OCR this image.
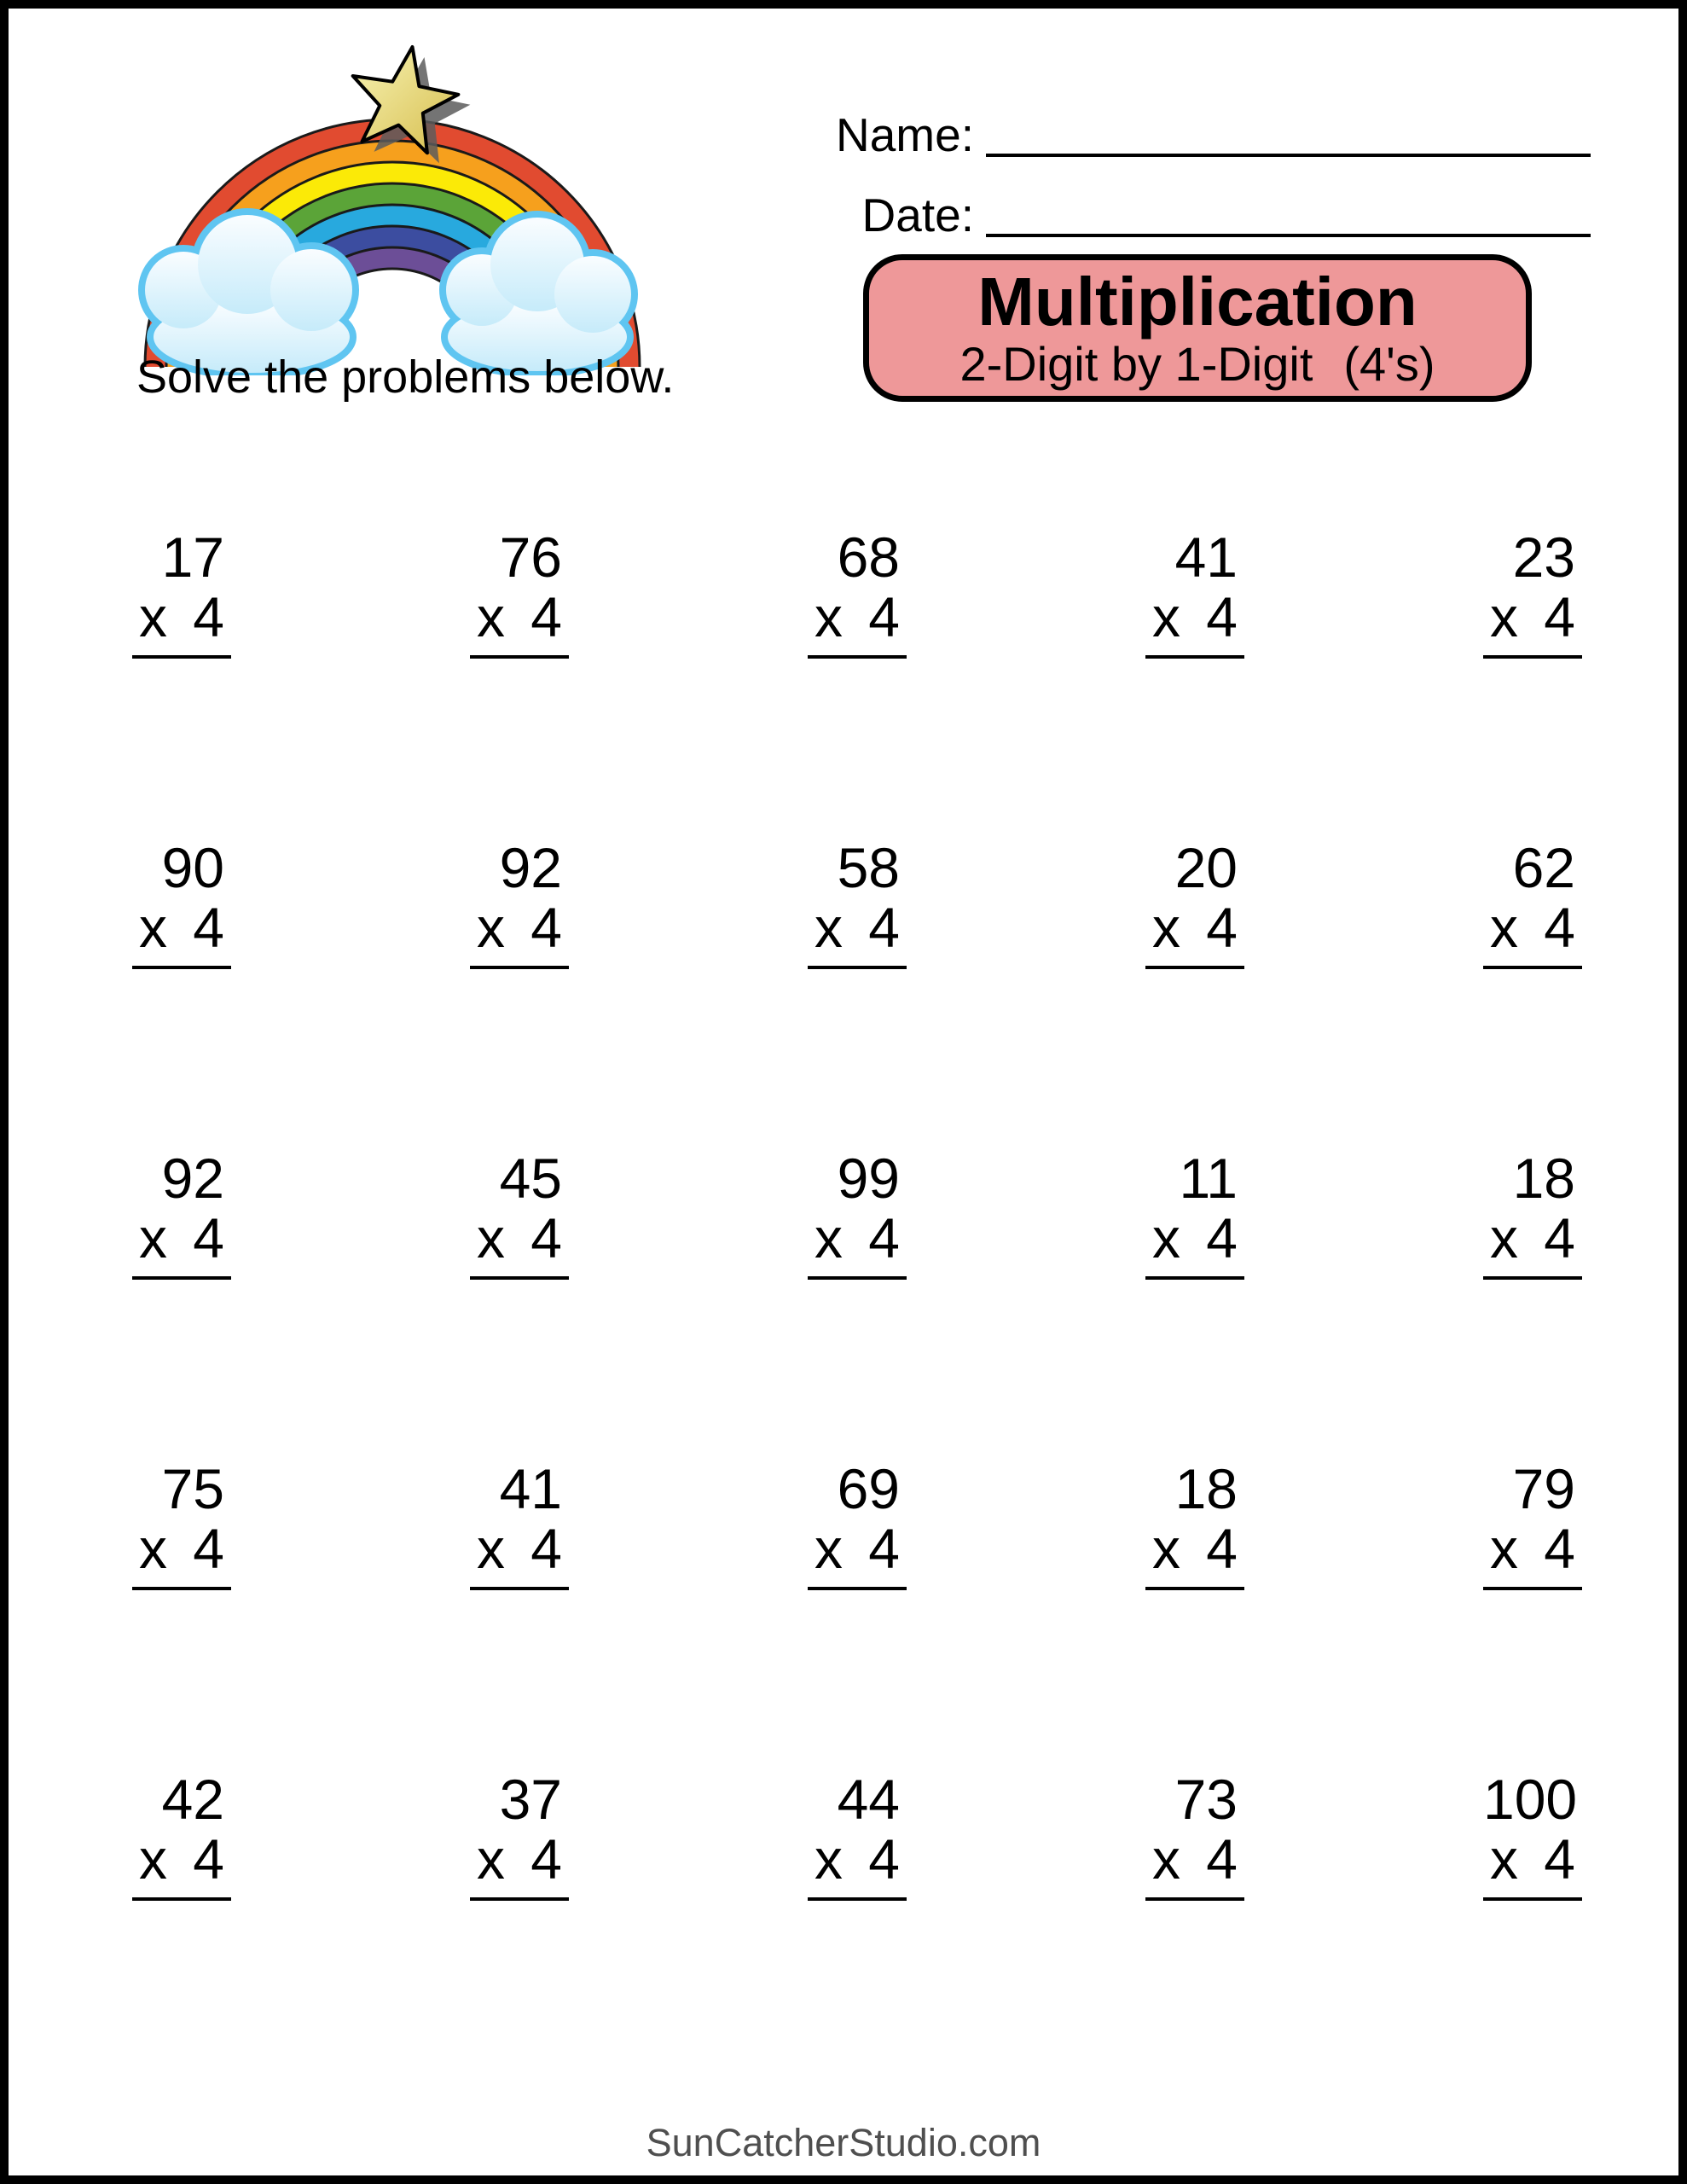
Solve the problems below.
Name:
Date:
Multiplication
2-Digit by 1-Digit (4's)
17
x 4
76
x 4
68
x 4
41
x 4
23
x 4
90
x 4
92
x 4
58
x 4
20
x 4
62
x 4
92
x 4
45
x 4
99
x 4
11
x 4
18
x 4
75
x 4
41
x 4
69
x 4
18
x 4
79
x 4
42
x 4
37
x 4
44
x 4
73
x 4
100
x 4
SunCatcherStudio.com
